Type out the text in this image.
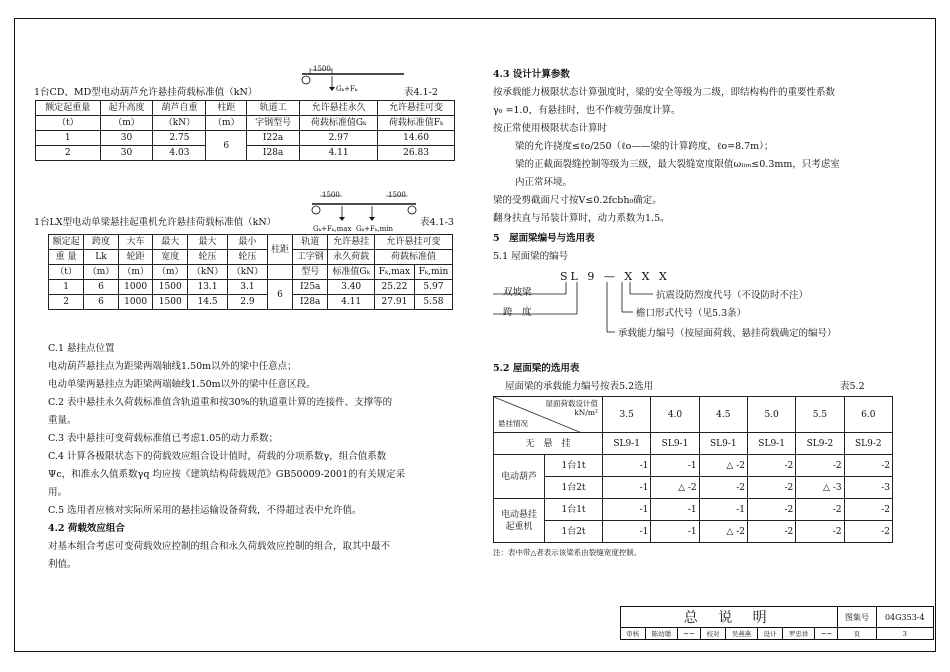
1台CD、MD型电动葫芦允许悬挂荷载标准值（kN）	表4.1-2
1500
Gₖ+Fₖ
额定起重量	起升高度	葫芦自重	柱距	轨道工	允许悬挂永久	允许悬挂可变
（t）	（m）	（kN）	（m）	字钢型号	荷载标准值Gₖ	荷载标准值Fₖ
1	30	2.75	6	I22a	2.97	14.60
2	30	4.03		I28a	4.11	26.83
1500	1500
Gₖ+Fₖ,max Gₖ+Fₖ,min
1台LX型电动单梁悬挂起重机允许悬挂荷载标准值（kN）	表4.1-3
额定起	跨度	大车	最大	最大	最小	柱距	轨道	允许悬挂	允许悬挂可变	
重 量	Lk	轮距	宽度	轮压	轮压		工字钢	永久荷载	荷载标准值	
（t）	（m）	（m）	（m）	（kN）	（kN）		型号	标准值Gₖ	Fₖ,max	Fₖ,min
1	6	1000	1500	13.1	3.1	6	I25a	3.40	25.22	5.97
2	6	1000	1500	14.5	2.9		I28a	4.11	27.91	5.58
C.1 悬挂点位置
电动葫芦悬挂点为距梁两端轴线1.50m以外的梁中任意点；
电动单梁两悬挂点为距梁两端轴线1.50m以外的梁中任意区段。
C.2 表中悬挂永久荷载标准值含轨道重和按30%的轨道重计算的连接件、支撑等的
重量。
C.3 表中悬挂可变荷载标准值已考虑1.05的动力系数；
C.4 计算各极限状态下的荷载效应组合设计值时，荷载的分项系数γ，组合值系数
Ψc，和准永久值系数γq 均应按《建筑结构荷载规范》GB50009-2001的有关规定采
用。
C.5 选用者应核对实际所采用的悬挂运输设备荷载，不得超过表中允许值。
4.2 荷载效应组合
对基本组合考虑可变荷载效应控制的组合和永久荷载效应控制的组合，取其中最不
利值。
4.3 设计计算参数
按承载能力极限状态计算强度时，梁的安全等级为二级，即结构构件的重要性系数
γ₀ =1.0，有悬挂时，也不作疲劳强度计算。
按正常使用极限状态计算时
梁的允许挠度≤ℓo/250（ℓo——梁的计算跨度，ℓo=8.7m）；
梁的正截面裂缝控制等级为三级，最大裂缝宽度限值ωₗᵢₘ≤0.3mm，只考虑室
内正常环境。
梁的受剪截面尺寸按V≤0.2fcbh₀确定。
翻身扶直与吊装计算时，动力系数为1.5。
5　屋面梁编号与选用表
5.1 屋面梁的编号
SL 9 — X X X
双坡梁
跨　度
抗震设防烈度代号（不设防时不注）
檐口形式代号（见5.3条）
承载能力编号（按屋面荷载、悬挂荷载确定的编号）
5.2 屋面梁的选用表
屋面梁的承载能力编号按表5.2选用	表5.2
屋面荷载设计值
kN/m²
悬挂情况		3.5	4.0	4.5	5.0	5.5	6.0
无　悬　挂		SL9-1	SL9-1	SL9-1	SL9-1	SL9-2	SL9-2
电动葫芦	1台1t	-1	-1	△ -2	-2	-2	-2
	1台2t	-1	△ -2	-2	-2	△ -3	-3
电动悬挂
起重机	1台1t	-1	-1	-1	-2	-2	-2
	1台2t	-1	-1	△ -2	-2	-2	-2
注：表中带△者表示该梁系由裂缝宽度控制。
总 说 明								图集号	04G353-4
审核	陈幼璠	~~	校对	吴燕燕	设计	罗忠祥	~~	页	3
